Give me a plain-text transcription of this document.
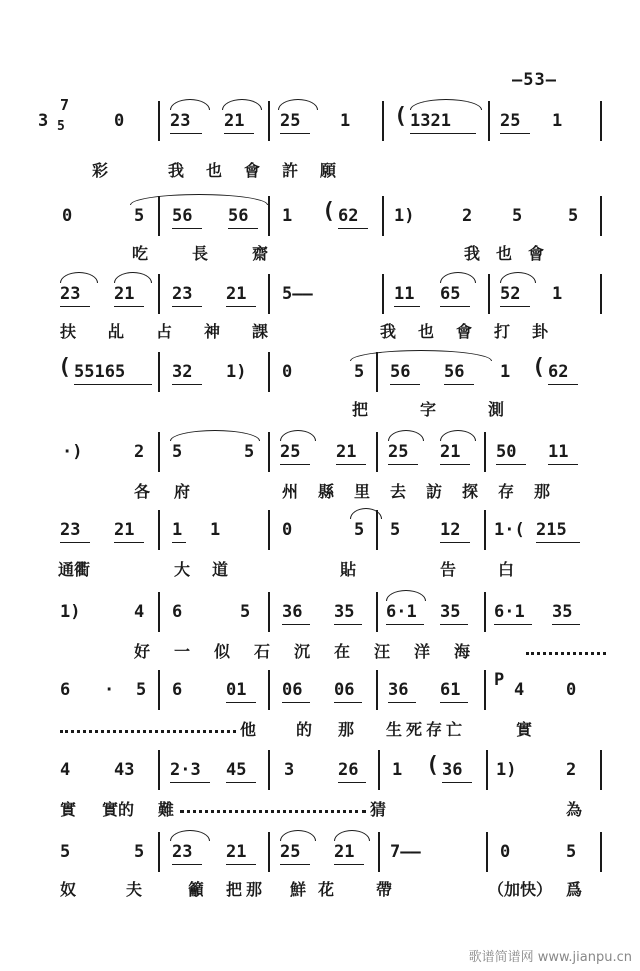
—53—
7
5
3	0	23 21 25 1 ( 1321	25 1
彩	我也會許願
0	5 56 56 1 ( 62 1)	2 5	5
吃長齋	我也會
23 21 23 21 5——	11 65 52 1
扶乩占神課	我也會打卦
( 55165	32 1) 0	5 56 56 1 ( 62
把字測
·)	2 5	5 25 21 25 21 50 11
各府	州縣里去訪探存那
23 21 1 1	0	5 5 12 1·( 215
通衢	大道	貼	告白
1)	4 6	5 36 35 6·1 35 6·1 35
好一似石沉在汪洋海
6 · 5 6	01 06 06 36 61 P 4 0
他 的 那 生死存亡	實
4	43 2·3 45 3	26 1 ( 36 1)	2
實 實的 難	猜	為
5	5 23 21 25 21 7——	0	5
奴夫
籲 把那 鮮花 帶	（加快） 爲
歌谱简谱网 www.jianpu.cn
